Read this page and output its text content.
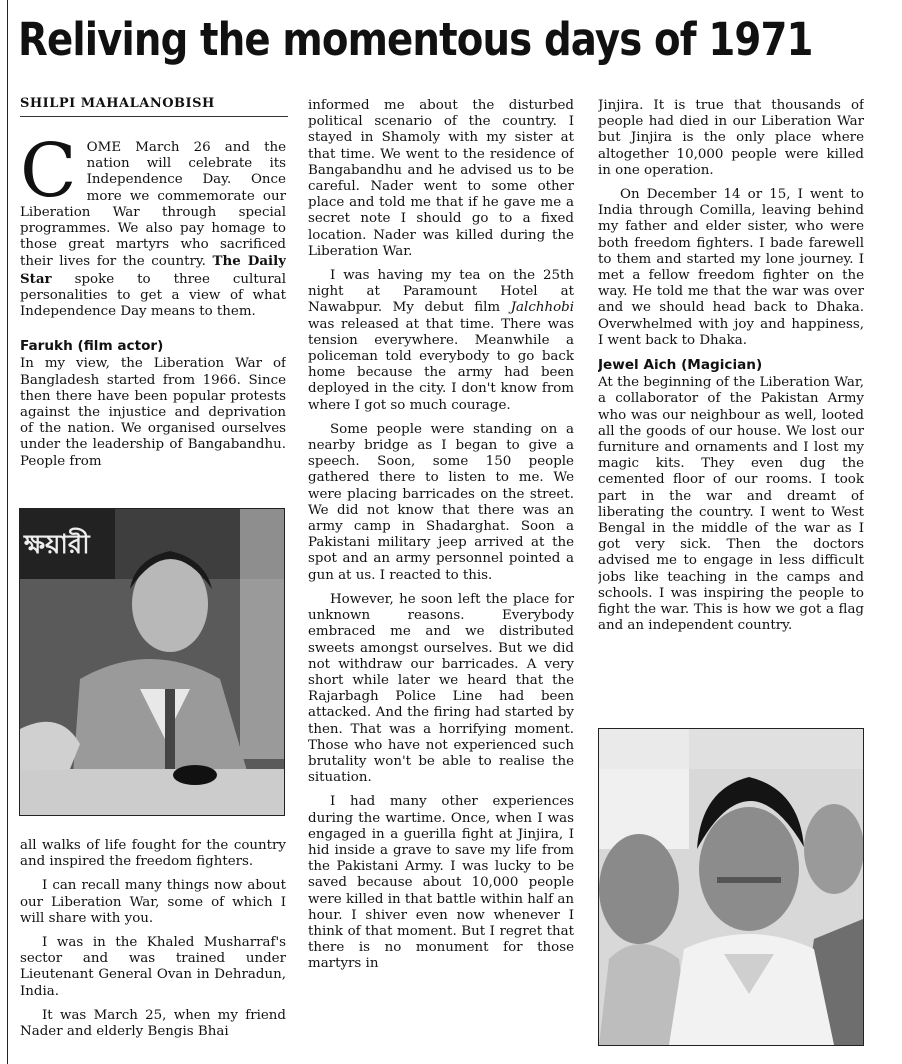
Reliving the momentous days of 1971
SHILPI MAHALANOBISH

COME March 26 and the nation will celebrate its Independence Day. Once more we commemorate our Liberation War through special programmes. We also pay homage to those great martyrs who sacrificed their lives for the country. The Daily Star spoke to three cultural personalities to get a view of what Independence Day means to them.

Farukh (film actor)

In my view, the Liberation War of Bangladesh started from 1966. Since then there have been popular protests against the injustice and deprivation of the nation. We organised ourselves under the leadership of Bangabandhu. People from

ক্ষয়ারী

all walks of life fought for the country and inspired the freedom fighters.

I can recall many things now about our Liberation War, some of which I will share with you.

I was in the Khaled Musharraf's sector and was trained under Lieutenant General Ovan in Dehradun, India.

It was March 25, when my friend Nader and elderly Bengis Bhai

informed me about the disturbed political scenario of the country. I stayed in Shamoly with my sister at that time. We went to the residence of Bangabandhu and he advised us to be careful. Nader went to some other place and told me that if he gave me a secret note I should go to a fixed location. Nader was killed during the Liberation War.

I was having my tea on the 25th night at Paramount Hotel at Nawabpur. My debut film Jalchhobi was released at that time. There was tension everywhere. Meanwhile a policeman told everybody to go back home because the army had been deployed in the city. I don't know from where I got so much courage.

Some people were standing on a nearby bridge as I began to give a speech. Soon, some 150 people gathered there to listen to me. We were placing barricades on the street. We did not know that there was an army camp in Shadarghat. Soon a Pakistani military jeep arrived at the spot and an army personnel pointed a gun at us. I reacted to this.

However, he soon left the place for unknown reasons. Everybody embraced me and we distributed sweets amongst ourselves. But we did not withdraw our barricades. A very short while later we heard that the Rajarbagh Police Line had been attacked. And the firing had started by then. That was a horrifying moment. Those who have not experienced such brutality won't be able to realise the situation.

I had many other experiences during the wartime. Once, when I was engaged in a guerilla fight at Jinjira, I hid inside a grave to save my life from the Pakistani Army. I was lucky to be saved because about 10,000 people were killed in that battle within half an hour. I shiver even now whenever I think of that moment. But I regret that there is no monument for those martyrs in

Jinjira. It is true that thousands of people had died in our Liberation War but Jinjira is the only place where altogether 10,000 people were killed in one operation.

On December 14 or 15, I went to India through Comilla, leaving behind my father and elder sister, who were both freedom fighters. I bade farewell to them and started my lone journey. I met a fellow freedom fighter on the way. He told me that the war was over and we should head back to Dhaka. Overwhelmed with joy and happiness, I went back to Dhaka.

Jewel Aich (Magician)

At the beginning of the Liberation War, a collaborator of the Pakistan Army who was our neighbour as well, looted all the goods of our house. We lost our furniture and ornaments and I lost my magic kits. They even dug the cemented floor of our rooms. I took part in the war and dreamt of liberating the country. I went to West Bengal in the middle of the war as I got very sick. Then the doctors advised me to engage in less difficult jobs like teaching in the camps and schools. I was inspiring the people to fight the war. This is how we got a flag and an independent country.
